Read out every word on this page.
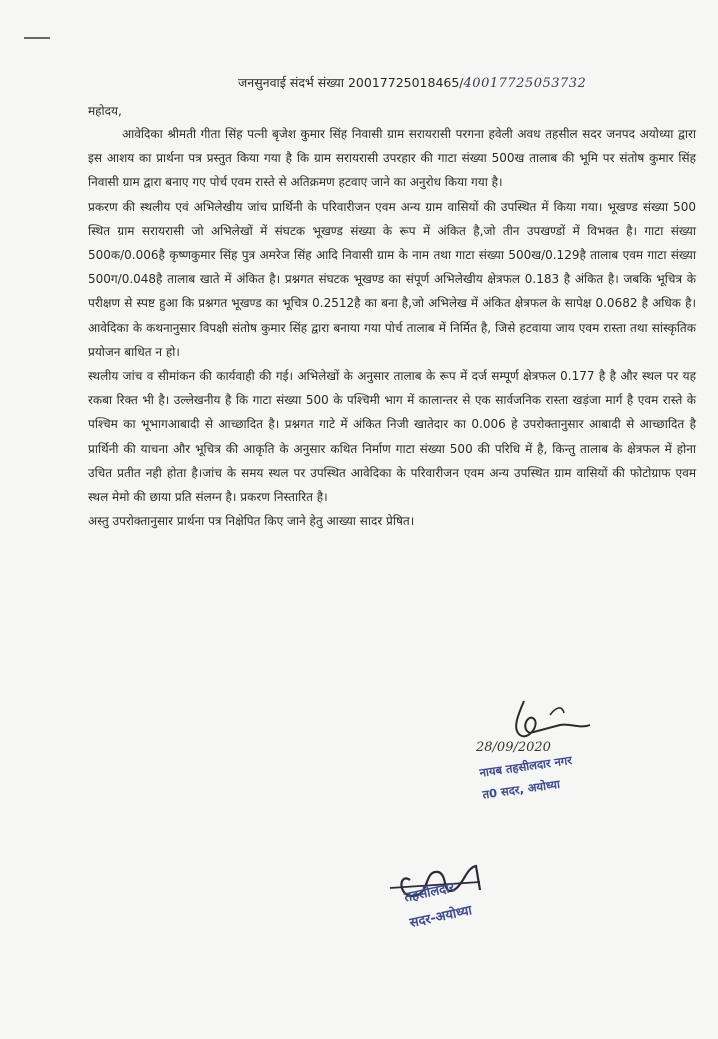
जनसुनवाई संदर्भ संख्या 20017725018465/40017725053732
महोदय,

आवेदिका श्रीमती गीता सिंह पत्नी बृजेश कुमार सिंह निवासी ग्राम सरायरासी परगना हवेली अवध तहसील सदर जनपद अयोध्या द्वारा इस आशय का प्रार्थना पत्र प्रस्तुत किया गया है कि ग्राम सरायरासी उपरहार की गाटा संख्या 500ख तालाब की भूमि पर संतोष कुमार सिंह निवासी ग्राम द्वारा बनाए गए पोर्च एवम रास्ते से अतिक्रमण हटवाए जाने का अनुरोध किया गया है।

प्रकरण की स्थलीय एवं अभिलेखीय जांच प्रार्थिनी के परिवारीजन एवम अन्य ग्राम वासियों की उपस्थित में किया गया। भूखण्ड संख्या 500 स्थित ग्राम सरायरासी जो अभिलेखों में संघटक भूखण्ड संख्या के रूप में अंकित है,जो तीन उपखण्डों में विभक्त है। गाटा संख्या 500क/0.006है कृष्णकुमार सिंह पुत्र अमरेज सिंह आदि निवासी ग्राम के नाम तथा गाटा संख्या 500ख/0.129है तालाब एवम गाटा संख्या 500ग/0.048है तालाब खाते में अंकित है। प्रश्नगत संघटक भूखण्ड का संपूर्ण अभिलेखीय क्षेत्रफल 0.183 है अंकित है। जबकि भूचित्र के परीक्षण से स्पष्ट हुआ कि प्रश्नगत भूखण्ड का भूचित्र 0.2512है का बना है,जो अभिलेख में अंकित क्षेत्रफल के सापेक्ष 0.0682 है अधिक है। आवेदिका के कथनानुसार विपक्षी संतोष कुमार सिंह द्वारा बनाया गया पोर्च तालाब में निर्मित है, जिसे हटवाया जाय एवम रास्ता तथा सांस्कृतिक प्रयोजन बाधित न हो।

स्थलीय जांच व सीमांकन की कार्यवाही की गई। अभिलेखों के अनुसार तालाब के रूप में दर्ज सम्पूर्ण क्षेत्रफल 0.177 है है और स्थल पर यह रकबा रिक्त भी है। उल्लेखनीय है कि गाटा संख्या 500 के पश्चिमी भाग में कालान्तर से एक सार्वजनिक रास्ता खड़ंजा मार्ग है एवम रास्ते के पश्चिम का भूभागआबादी से आच्छादित है। प्रश्नगत गाटे में अंकित निजी खातेदार का 0.006 हे उपरोक्तानुसार आबादी से आच्छादित है प्रार्थिनी की याचना और भूचित्र की आकृति के अनुसार कथित निर्माण गाटा संख्या 500 की परिधि में है, किन्तु तालाब के क्षेत्रफल में होना उचित प्रतीत नही होता है।जांच के समय स्थल पर उपस्थित आवेदिका के परिवारीजन एवम अन्य उपस्थित ग्राम वासियों की फोटोग्राफ एवम स्थल मेमो की छाया प्रति संलग्न है। प्रकरण निस्तारित है।

अस्तु उपरोक्तानुसार प्रार्थना पत्र निक्षेपित किए जाने हेतु आख्या सादर प्रेषित।

28/09/2020
नायब तहसीलदार नगर
त0 सदर, अयोध्या
तहसीलदार
सदर-अयोध्या
